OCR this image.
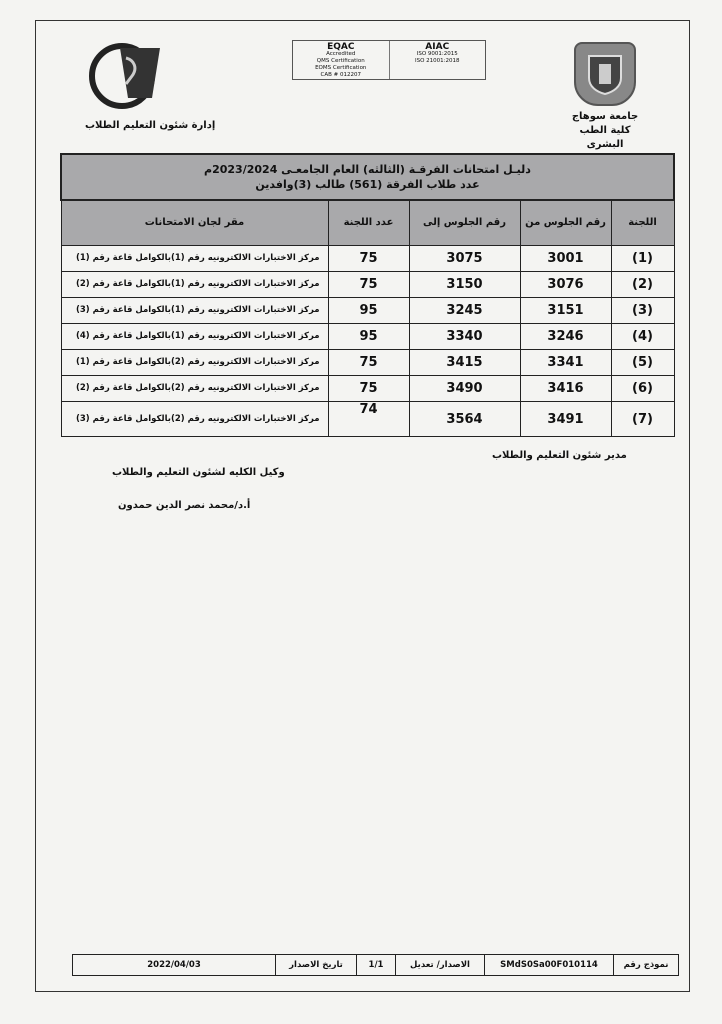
جامعة سوهاج
كلية الطب البشرى
EQAC
Accredited
QMS Certification
EOMS Certification
CAB # 012207
AIAC
ISO 9001:2015
ISO 21001:2018
إدارة شئون التعليم الطلاب
دليـل امتحانات الفرقـة (الثالثه) العام الجامعـى 2023/2024م
عدد طلاب الفرقة (561) طالب (3)وافدين				

اللجنة	رقم الجلوس من	رقم الجلوس إلى	عدد اللجنة	مقر لجان الامتحانات
(1)	3001	3075	75	مركز الاختبارات الالكترونيه رقم (1)بالكوامل قاعة رقم (1)
(2)	3076	3150	75	مركز الاختبارات الالكترونيه رقم (1)بالكوامل قاعة رقم (2)
(3)	3151	3245	95	مركز الاختبارات الالكترونيه رقم (1)بالكوامل قاعة رقم (3)
(4)	3246	3340	95	مركز الاختبارات الالكترونيه رقم (1)بالكوامل قاعة رقم (4)
(5)	3341	3415	75	مركز الاختبارات الالكترونيه رقم (2)بالكوامل قاعة رقم (1)
(6)	3416	3490	75	مركز الاختبارات الالكترونيه رقم (2)بالكوامل قاعة رقم (2)
(7)	3491	3564	74	مركز الاختبارات الالكترونيه رقم (2)بالكوامل قاعة رقم (3)
مدير شئون التعليم والطلاب
وكيل الكليه لشئون التعليم والطلاب
أ.د/محمد نصر الدين حمدون
نموذج رقم
SMdS0Sa00F010114
الاصدار/ تعديل
1/1
تاريخ الاصدار
2022/04/03
